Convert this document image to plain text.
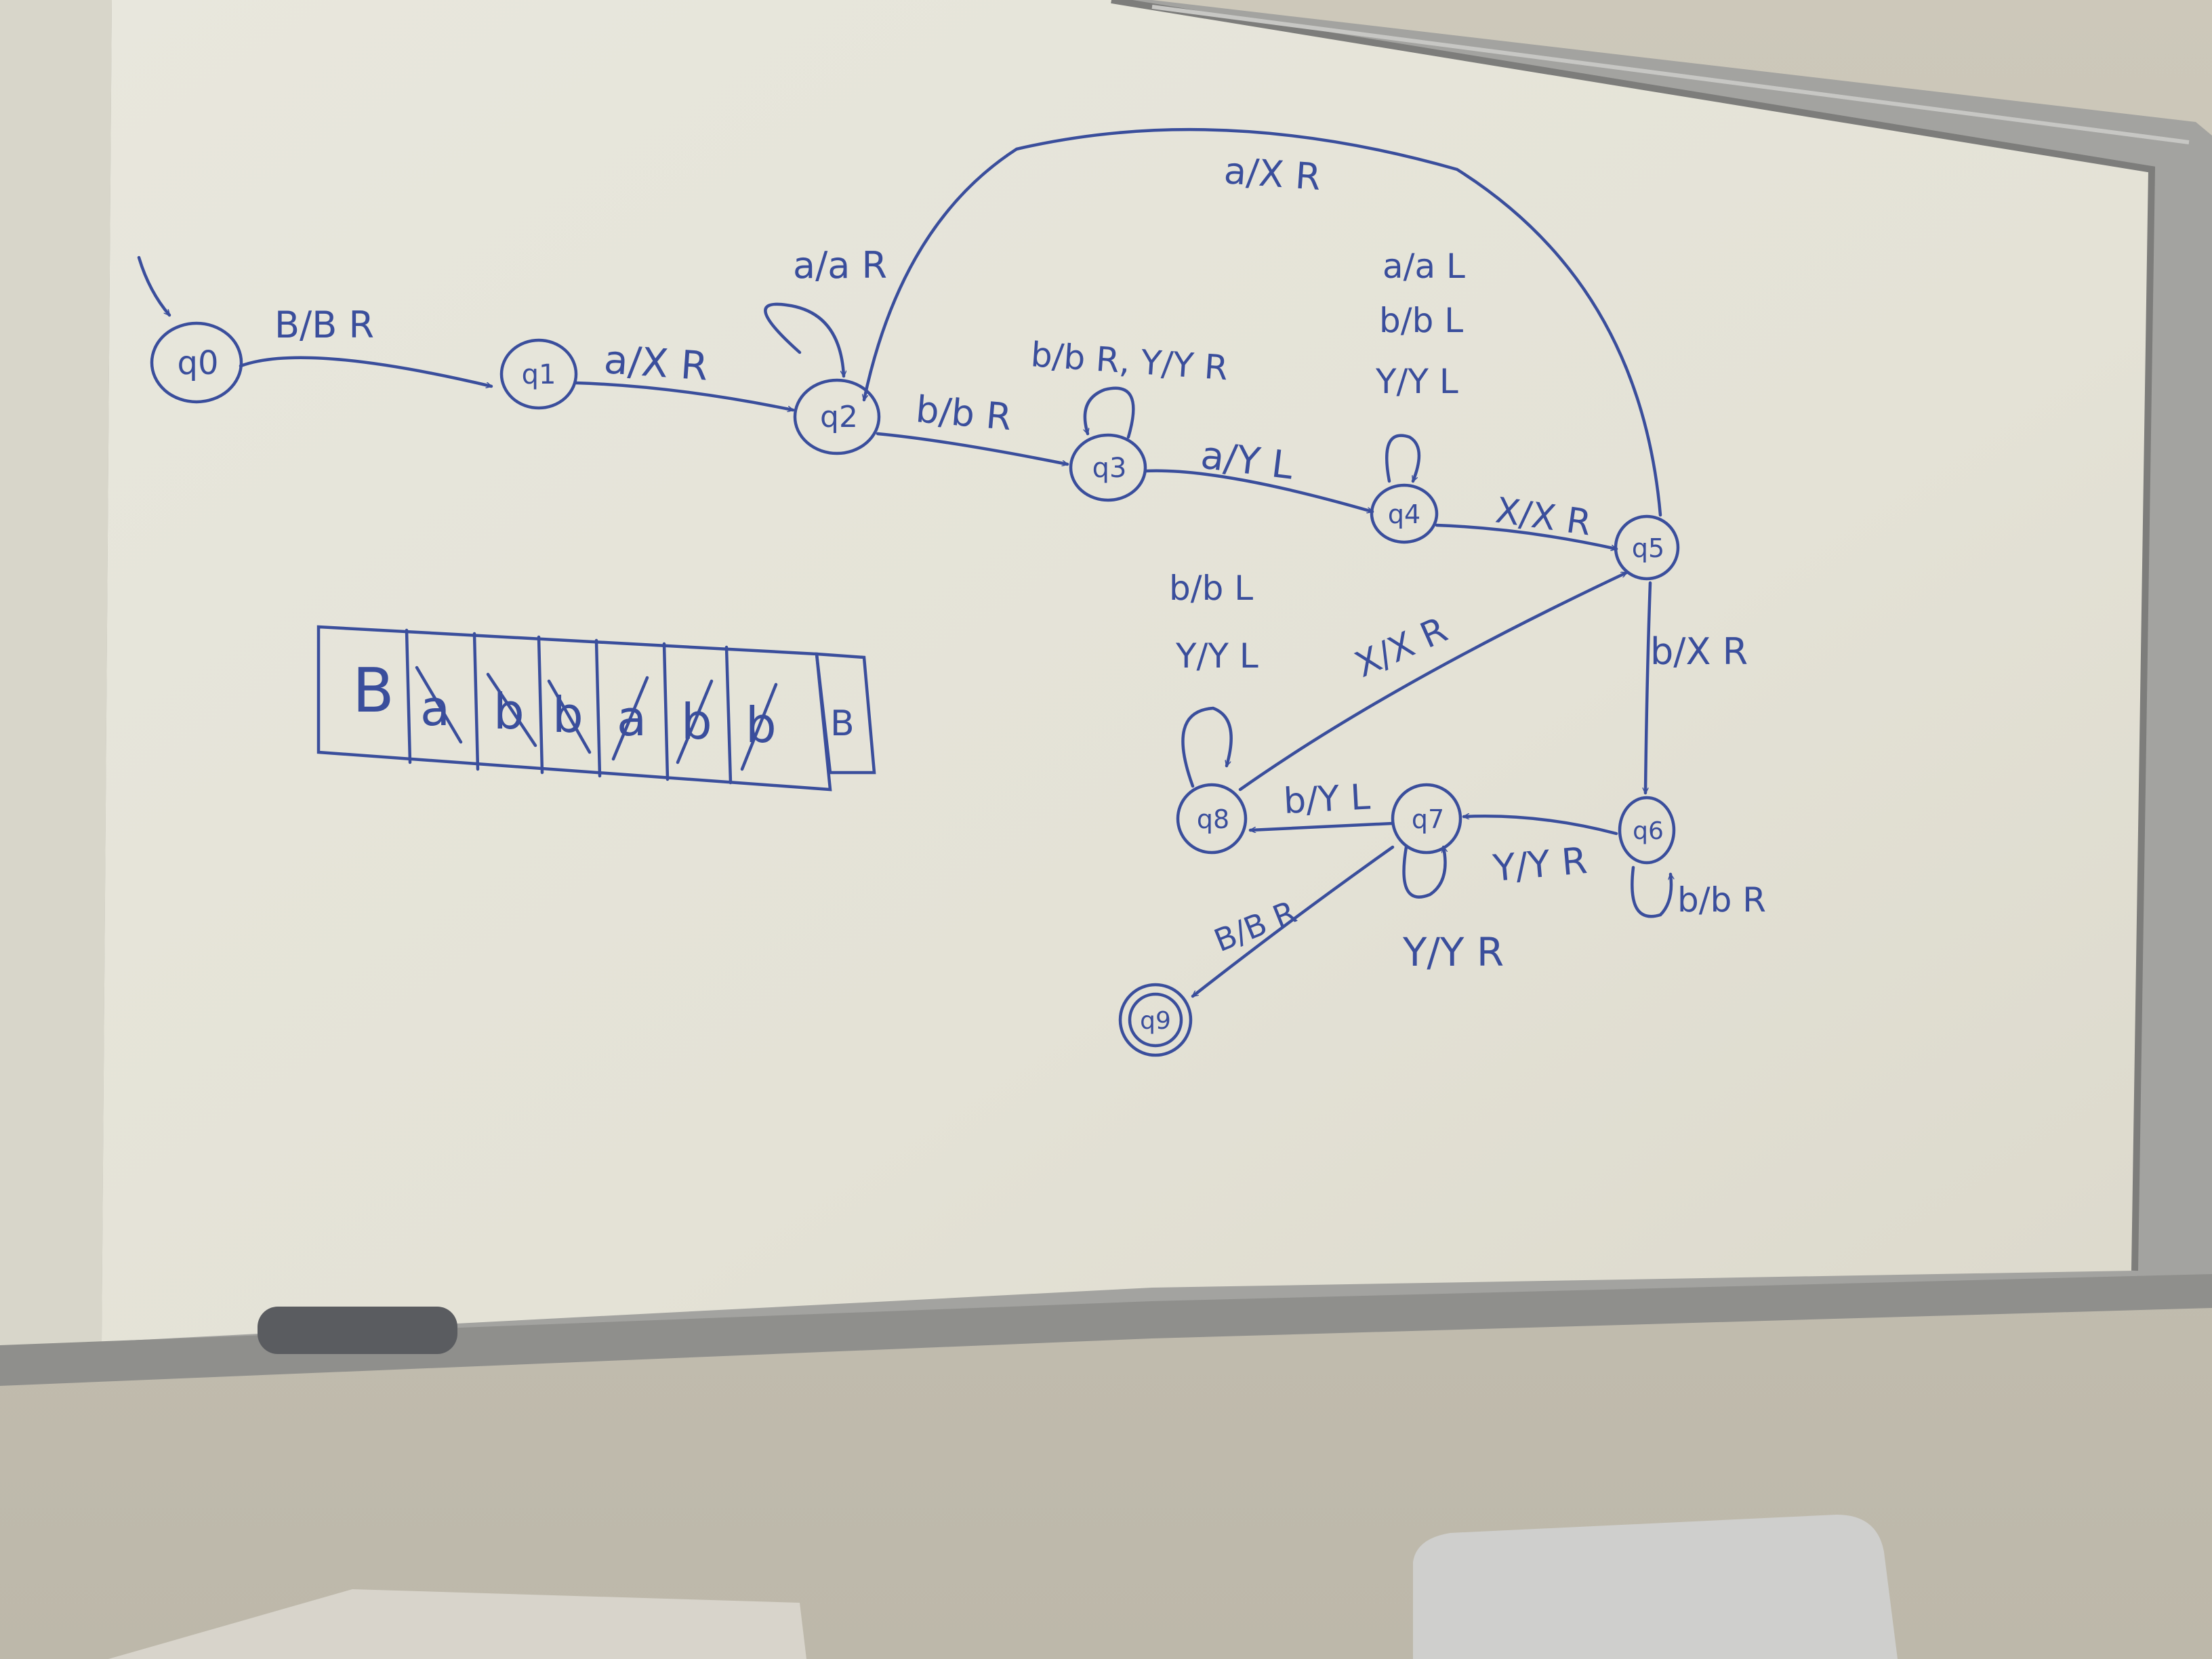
q0	q1
q2
q3
q4
q5
q6
q7
q8
q9
B/B R
a/X R
a/a R
b/b R
b/b R, Y/Y R
a/Y L
a/a L
b/b L
Y/Y L
X/X R
a/X R
b/X R
b/b R
Y/Y R
Y/Y R
b/Y L
b/b L
Y/Y L	X/X R
B/B R
B a b b a b b B
